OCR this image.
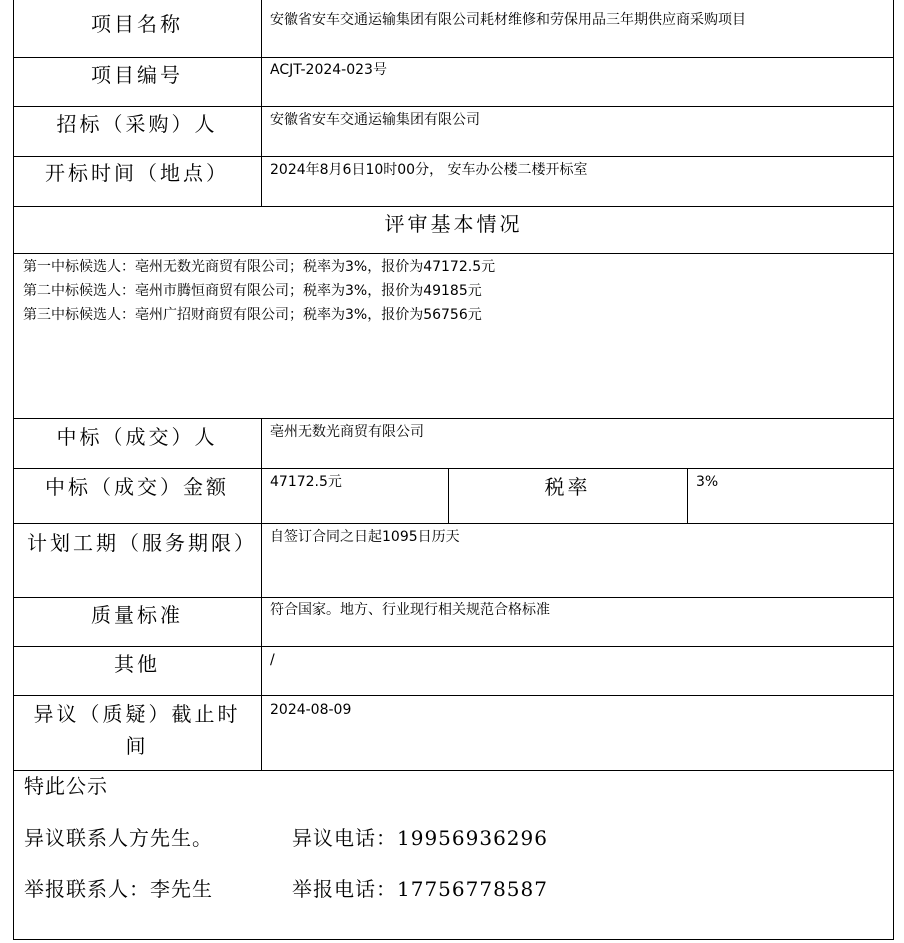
项目名称	安徽省安车交通运输集团有限公司耗材维修和劳保用品三年期供应商采购项目
项目编号	ACJT-2024-023号
招标（采购）人	安徽省安车交通运输集团有限公司
开标时间（地点）	2024年8月6日10时00分， 安车办公楼二楼开标室
评审基本情况
第一中标候选人：亳州无数光商贸有限公司；税率为3%，报价为47172.5元
第二中标候选人：亳州市腾恒商贸有限公司；税率为3%，报价为49185元
第三中标候选人：亳州广招财商贸有限公司；税率为3%，报价为56756元
中标（成交）人	亳州无数光商贸有限公司
中标（成交）金额	47172.5元	税率	3%
计划工期（服务期限） 自签订合同之日起1095日历天
质量标准	符合国家。地方、行业现行相关规范合格标准
其他	/
异议（质疑）截止时间
2024-08-09
特此公示
异议联系人方先生。	异议电话：19956936296
举报联系人：李先生	举报电话：17756778587
